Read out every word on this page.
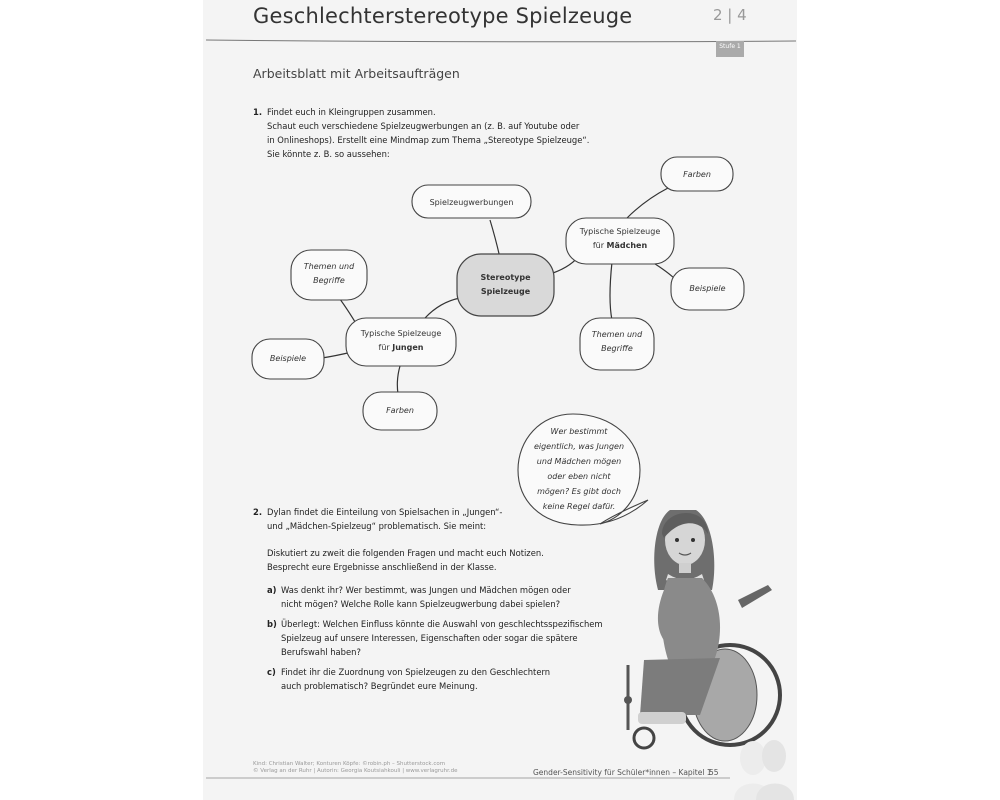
Geschlechterstereotype Spielzeuge	2 | 4
Stufe 1
Arbeitsblatt mit Arbeitsaufträgen
1. Findet euch in Kleingruppen zusammen.
Schaut euch verschiedene Spielzeugwerbungen an (z. B. auf Youtube oder
in Onlineshops). Erstellt eine Mindmap zum Thema „Stereotype Spielzeuge“.
Sie könnte z. B. so aussehen:
Spielzeugwerbungen
Typische Spielzeuge
für Mädchen
Farben
Beispiele
Themen und
Begriffe
Themen und
Begriffe
Typische Spielzeuge
für Jungen
Beispiele
Farben
Stereotype
Spielzeuge
Wer bestimmt
eigentlich, was Jungen
und Mädchen mögen
oder eben nicht
mögen? Es gibt doch
keine Regel dafür.
2. Dylan findet die Einteilung von Spielsachen in „Jungen“-
und „Mädchen-Spielzeug“ problematisch. Sie meint:
Diskutiert zu zweit die folgenden Fragen und macht euch Notizen.
Besprecht eure Ergebnisse anschließend in der Klasse.
a) Was denkt ihr? Wer bestimmt, was Jungen und Mädchen mögen oder
nicht mögen? Welche Rolle kann Spielzeugwerbung dabei spielen?
b) Überlegt: Welchen Einfluss könnte die Auswahl von geschlechtsspezifischem
Spielzeug auf unsere Interessen, Eigenschaften oder sogar die spätere
Berufswahl haben?
c) Findet ihr die Zuordnung von Spielzeugen zu den Geschlechtern
auch problematisch? Begründet eure Meinung.
Kind: Christian Walter; Konturen Köpfe: ©robin.ph – Shutterstock.com
© Verlag an der Ruhr | Autorin: Georgia Koutsiahkouli | www.verlagruhr.de	Gender-Sensitivity für Schüler*innen – Kapitel 1
55
